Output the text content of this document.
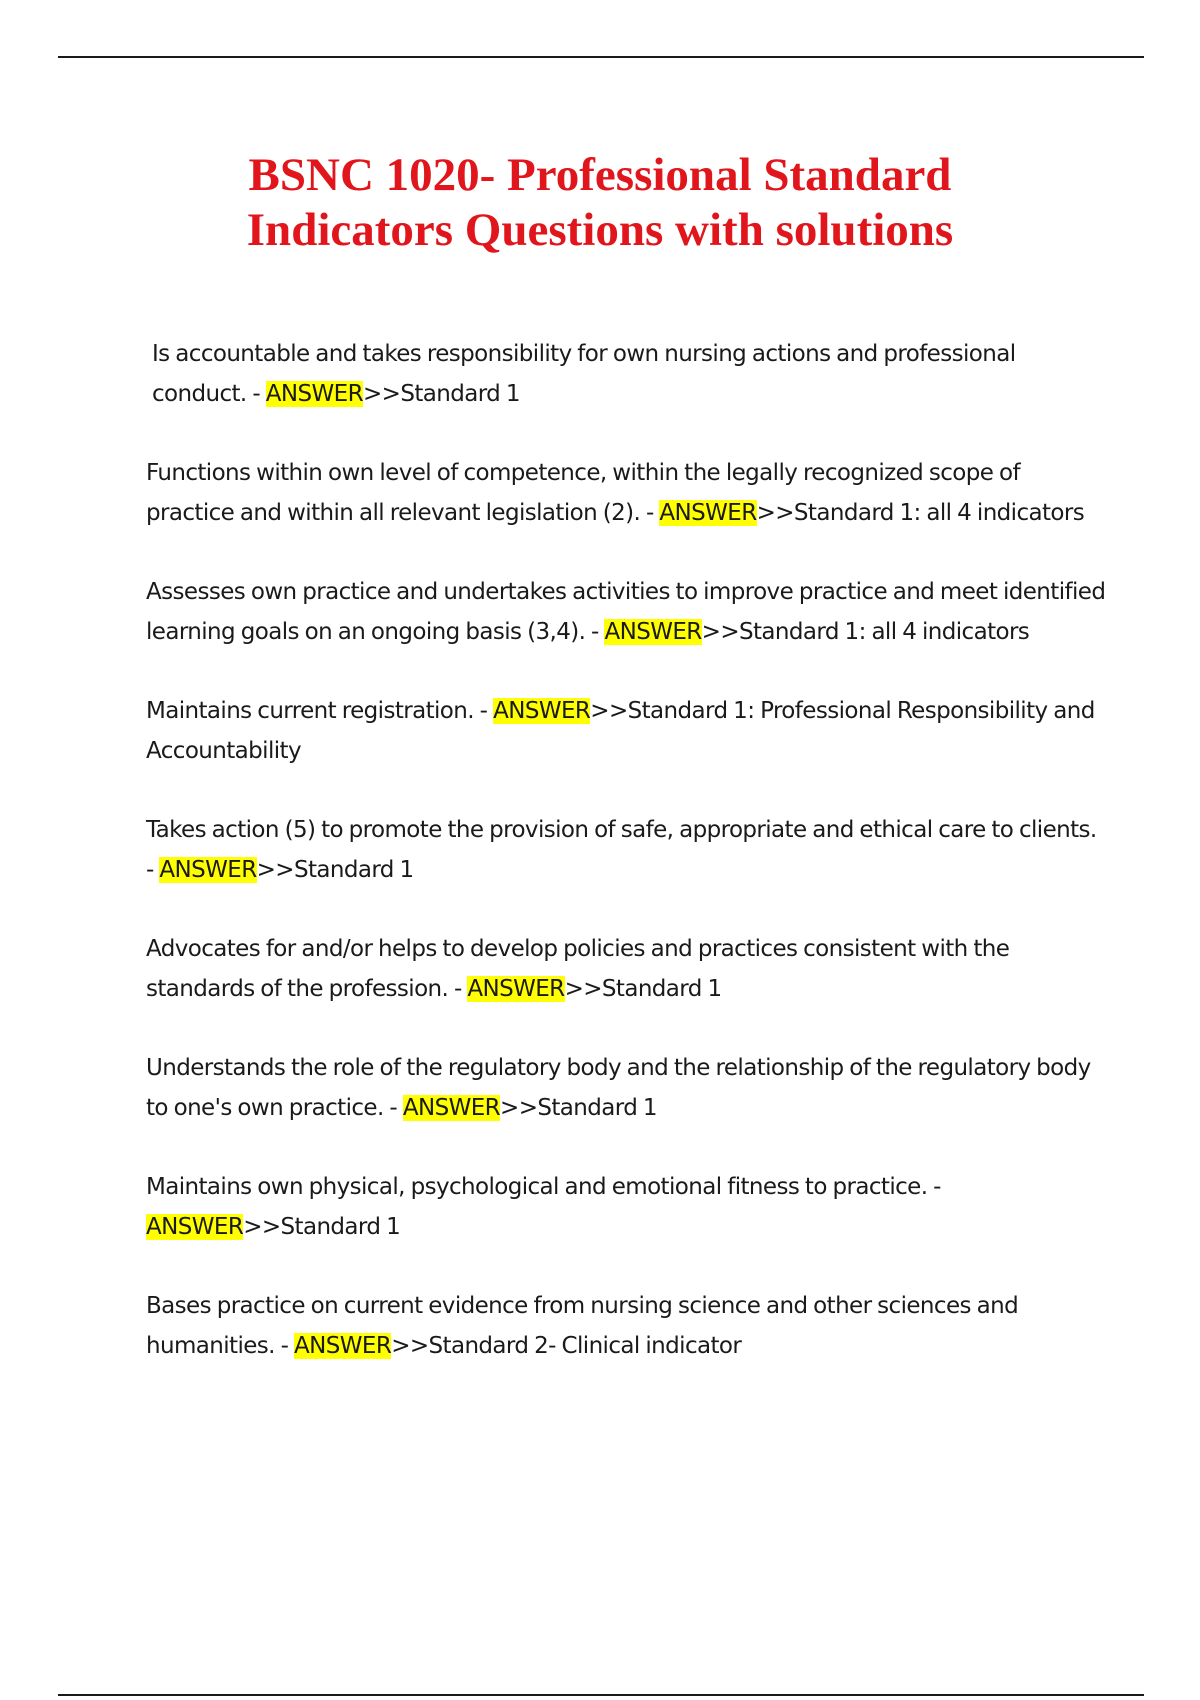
BSNC 1020- Professional Standard
Indicators Questions with solutions
Is accountable and takes responsibility for own nursing actions and professional conduct. - ANSWER>>Standard 1
Functions within own level of competence, within the legally recognized scope of practice and within all relevant legislation (2). - ANSWER>>Standard 1: all 4 indicators
Assesses own practice and undertakes activities to improve practice and meet identified learning goals on an ongoing basis (3,4). - ANSWER>>Standard 1: all 4 indicators
Maintains current registration. - ANSWER>>Standard 1: Professional Responsibility and Accountability
Takes action (5) to promote the provision of safe, appropriate and ethical care to clients. - ANSWER>>Standard 1
Advocates for and/or helps to develop policies and practices consistent with the standards of the profession. - ANSWER>>Standard 1
Understands the role of the regulatory body and the relationship of the regulatory body to one's own practice. - ANSWER>>Standard 1
Maintains own physical, psychological and emotional fitness to practice. - ANSWER>>Standard 1
Bases practice on current evidence from nursing science and other sciences and humanities. - ANSWER>>Standard 2- Clinical indicator
